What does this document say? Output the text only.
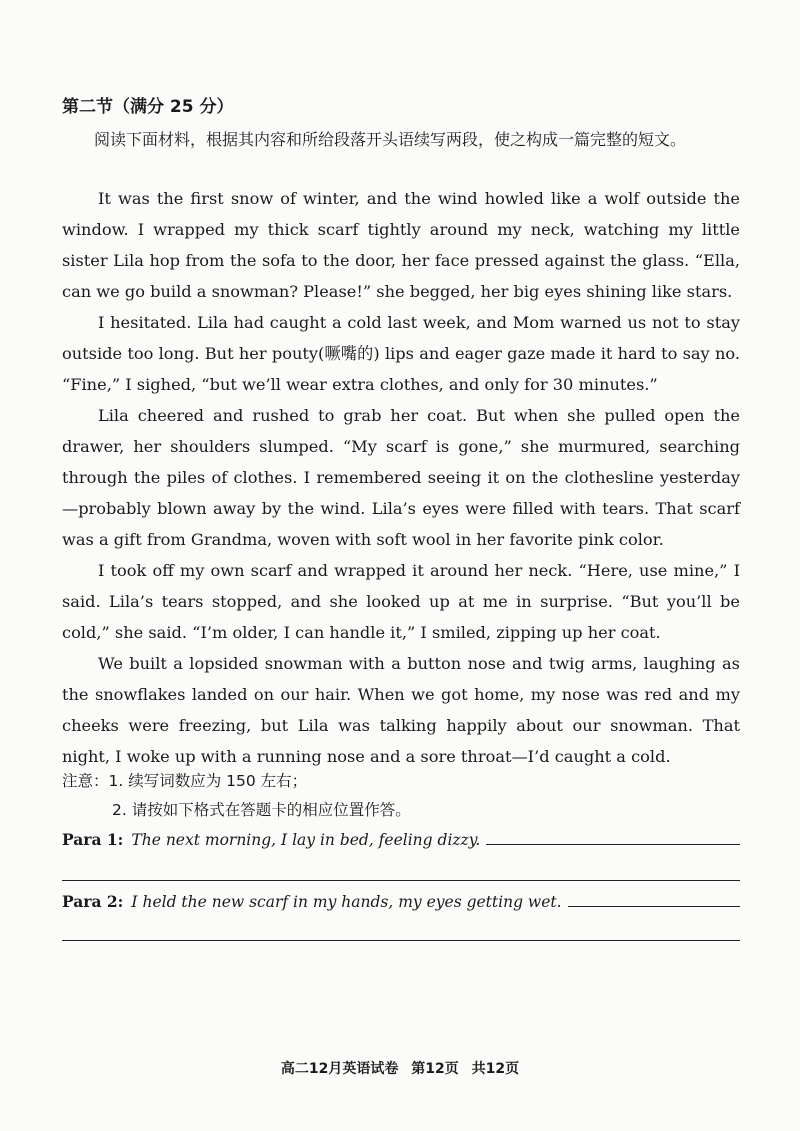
第二节（满分 25 分）
阅读下面材料，根据其内容和所给段落开头语续写两段，使之构成一篇完整的短文。

It was the first snow of winter, and the wind howled like a wolf outside the window. I wrapped my thick scarf tightly around my neck, watching my little sister Lila hop from the sofa to the door, her face pressed against the glass. “Ella, can we go build a snowman? Please!” she begged, her big eyes shining like stars.

I hesitated. Lila had caught a cold last week, and Mom warned us not to stay outside too long. But her pouty(噘嘴的) lips and eager gaze made it hard to say no. “Fine,” I sighed, “but we’ll wear extra clothes, and only for 30 minutes.”

Lila cheered and rushed to grab her coat. But when she pulled open the drawer, her shoulders slumped. “My scarf is gone,” she murmured, searching through the piles of clothes. I remembered seeing it on the clothesline yesterday—probably blown away by the wind. Lila’s eyes were filled with tears. That scarf was a gift from Grandma, woven with soft wool in her favorite pink color.

I took off my own scarf and wrapped it around her neck. “Here, use mine,” I said. Lila’s tears stopped, and she looked up at me in surprise. “But you’ll be cold,” she said. “I’m older, I can handle it,” I smiled, zipping up her coat.

We built a lopsided snowman with a button nose and twig arms, laughing as the snowflakes landed on our hair. When we got home, my nose was red and my cheeks were freezing, but Lila was talking happily about our snowman. That night, I woke up with a running nose and a sore throat—I’d caught a cold.

注意：1. 续写词数应为 150 左右；
2. 请按如下格式在答题卡的相应位置作答。
Para 1: The next morning, I lay in bed, feeling dizzy.
Para 2: I held the new scarf in my hands, my eyes getting wet.
高二12月英语试卷 第12页 共12页
